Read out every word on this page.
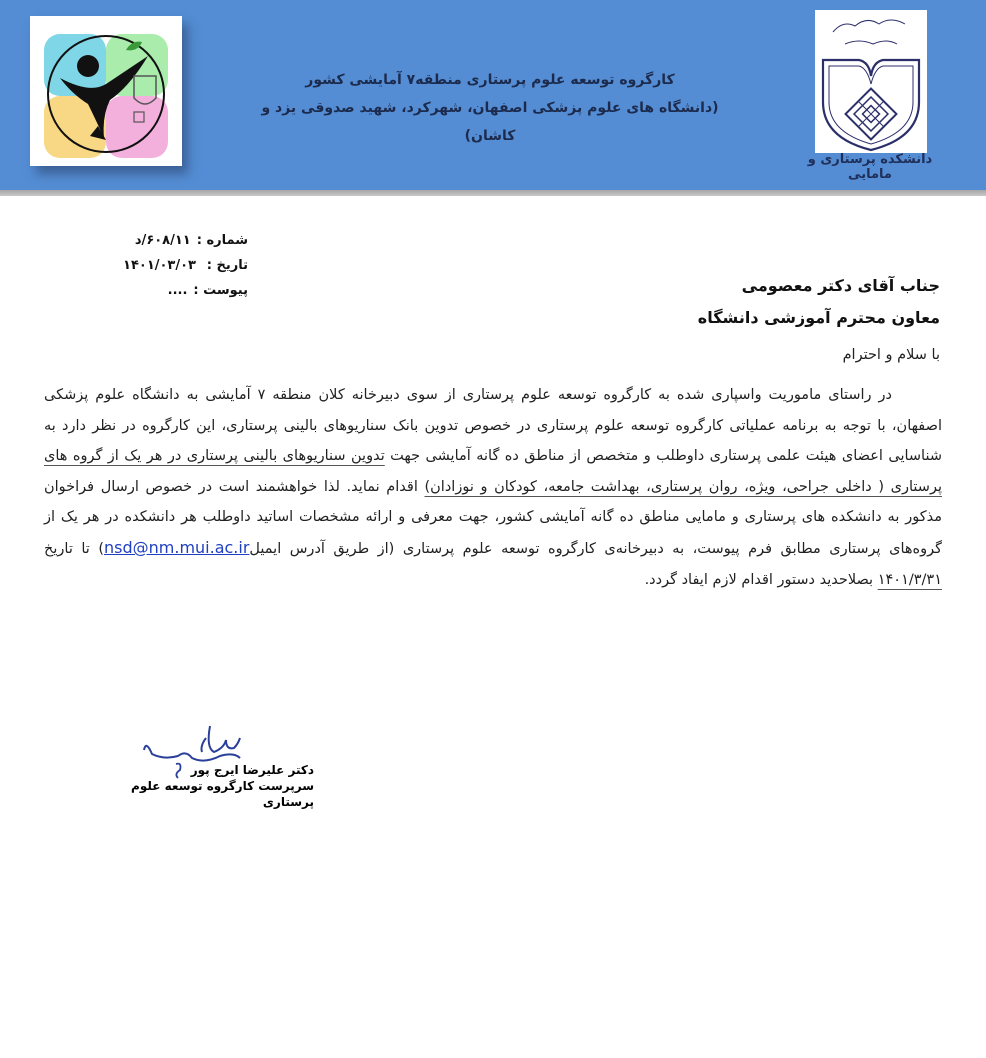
کارگروه توسعه علوم پرستاری منطقه۷ آمایشی کشور
(دانشگاه های علوم پزشکی اصفهان، شهرکرد، شهید صدوقی یزد و کاشان)
دانشکده پرستاری و مامایی
شماره :
۶۰۸/۱۱/د
تاریخ :
۱۴۰۱/۰۳/۰۳
پیوست :
....	جناب آقای دکتر معصومی
معاون محترم آموزشی دانشگاه
با سلام و احترام
در راستای ماموریت واسپاری شده به کارگروه توسعه علوم پرستاری از سوی دبیرخانه کلان منطقه ۷ آمایشی به دانشگاه علوم پزشکی اصفهان، با توجه به برنامه عملیاتی کارگروه توسعه علوم پرستاری در خصوص تدوین بانک سناریوهای بالینی پرستاری، این کارگروه در نظر دارد به شناسایی اعضای هیئت علمی پرستاری داوطلب و متخصص از مناطق ده گانه آمایشی جهت تدوین سناریوهای بالینی پرستاری در هر یک از گروه های پرستاری ( داخلی جراحی، ویژه، روان پرستاری، بهداشت جامعه، کودکان و نوزادان) اقدام نماید. لذا خواهشمند است در خصوص ارسال فراخوان مذکور به دانشکده های پرستاری و مامایی مناطق ده گانه آمایشی کشور، جهت معرفی و ارائه مشخصات اساتید داوطلب هر دانشکده در هر یک از گروه‌های پرستاری مطابق فرم پیوست، به دبیرخانه‌ی کارگروه توسعه علوم پرستاری (از طریق آدرس ایمیلnsd@nm.mui.ac.ir) تا تاریخ ۱۴۰۱/۳/۳۱ بصلاحدید دستور اقدام لازم ایفاد گردد.
دکتر علیرضا ایرج پور
سرپرست کارگروه توسعه علوم پرستاری
